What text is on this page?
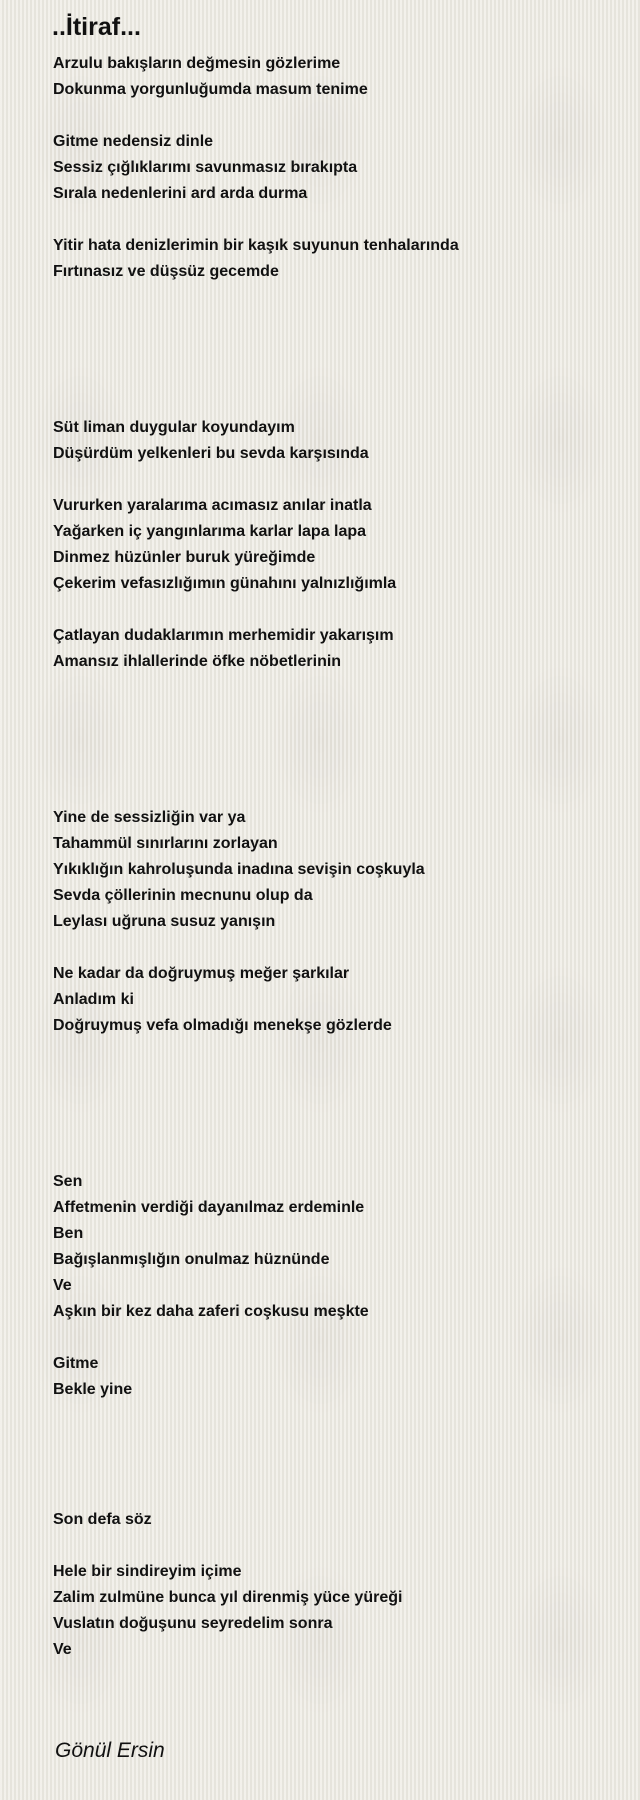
..İtiraf...
Arzulu bakışların değmesin gözlerime
Dokunma yorgunluğumda masum tenime
Gitme nedensiz dinle
Sessiz çığlıklarımı savunmasız bırakıpta
Sırala nedenlerini ard arda durma
Yitir hata denizlerimin bir kaşık suyunun tenhalarında
Fırtınasız ve düşsüz gecemde
Süt liman duygular koyundayım
Düşürdüm yelkenleri bu sevda karşısında
Vururken yaralarıma acımasız anılar inatla
Yağarken iç yangınlarıma karlar lapa lapa
Dinmez hüzünler buruk yüreğimde
Çekerim vefasızlığımın günahını yalnızlığımla
Çatlayan dudaklarımın merhemidir yakarışım
Amansız ihlallerinde öfke nöbetlerinin
Yine de sessizliğin var ya
Tahammül sınırlarını zorlayan
Yıkıklığın kahroluşunda inadına sevişin coşkuyla
Sevda çöllerinin mecnunu olup da
Leylası uğruna susuz yanışın
Ne kadar da doğruymuş meğer şarkılar
Anladım ki
Doğruymuş vefa olmadığı menekşe gözlerde
Sen
Affetmenin verdiği dayanılmaz erdeminle
Ben
Bağışlanmışlığın onulmaz hüznünde
Ve
Aşkın bir kez daha zaferi coşkusu meşkte
Gitme
Bekle yine
Son defa söz
Hele bir sindireyim içime
Zalim zulmüne bunca yıl direnmiş yüce yüreği
Vuslatın doğuşunu seyredelim sonra
Ve
Gönül Ersin
